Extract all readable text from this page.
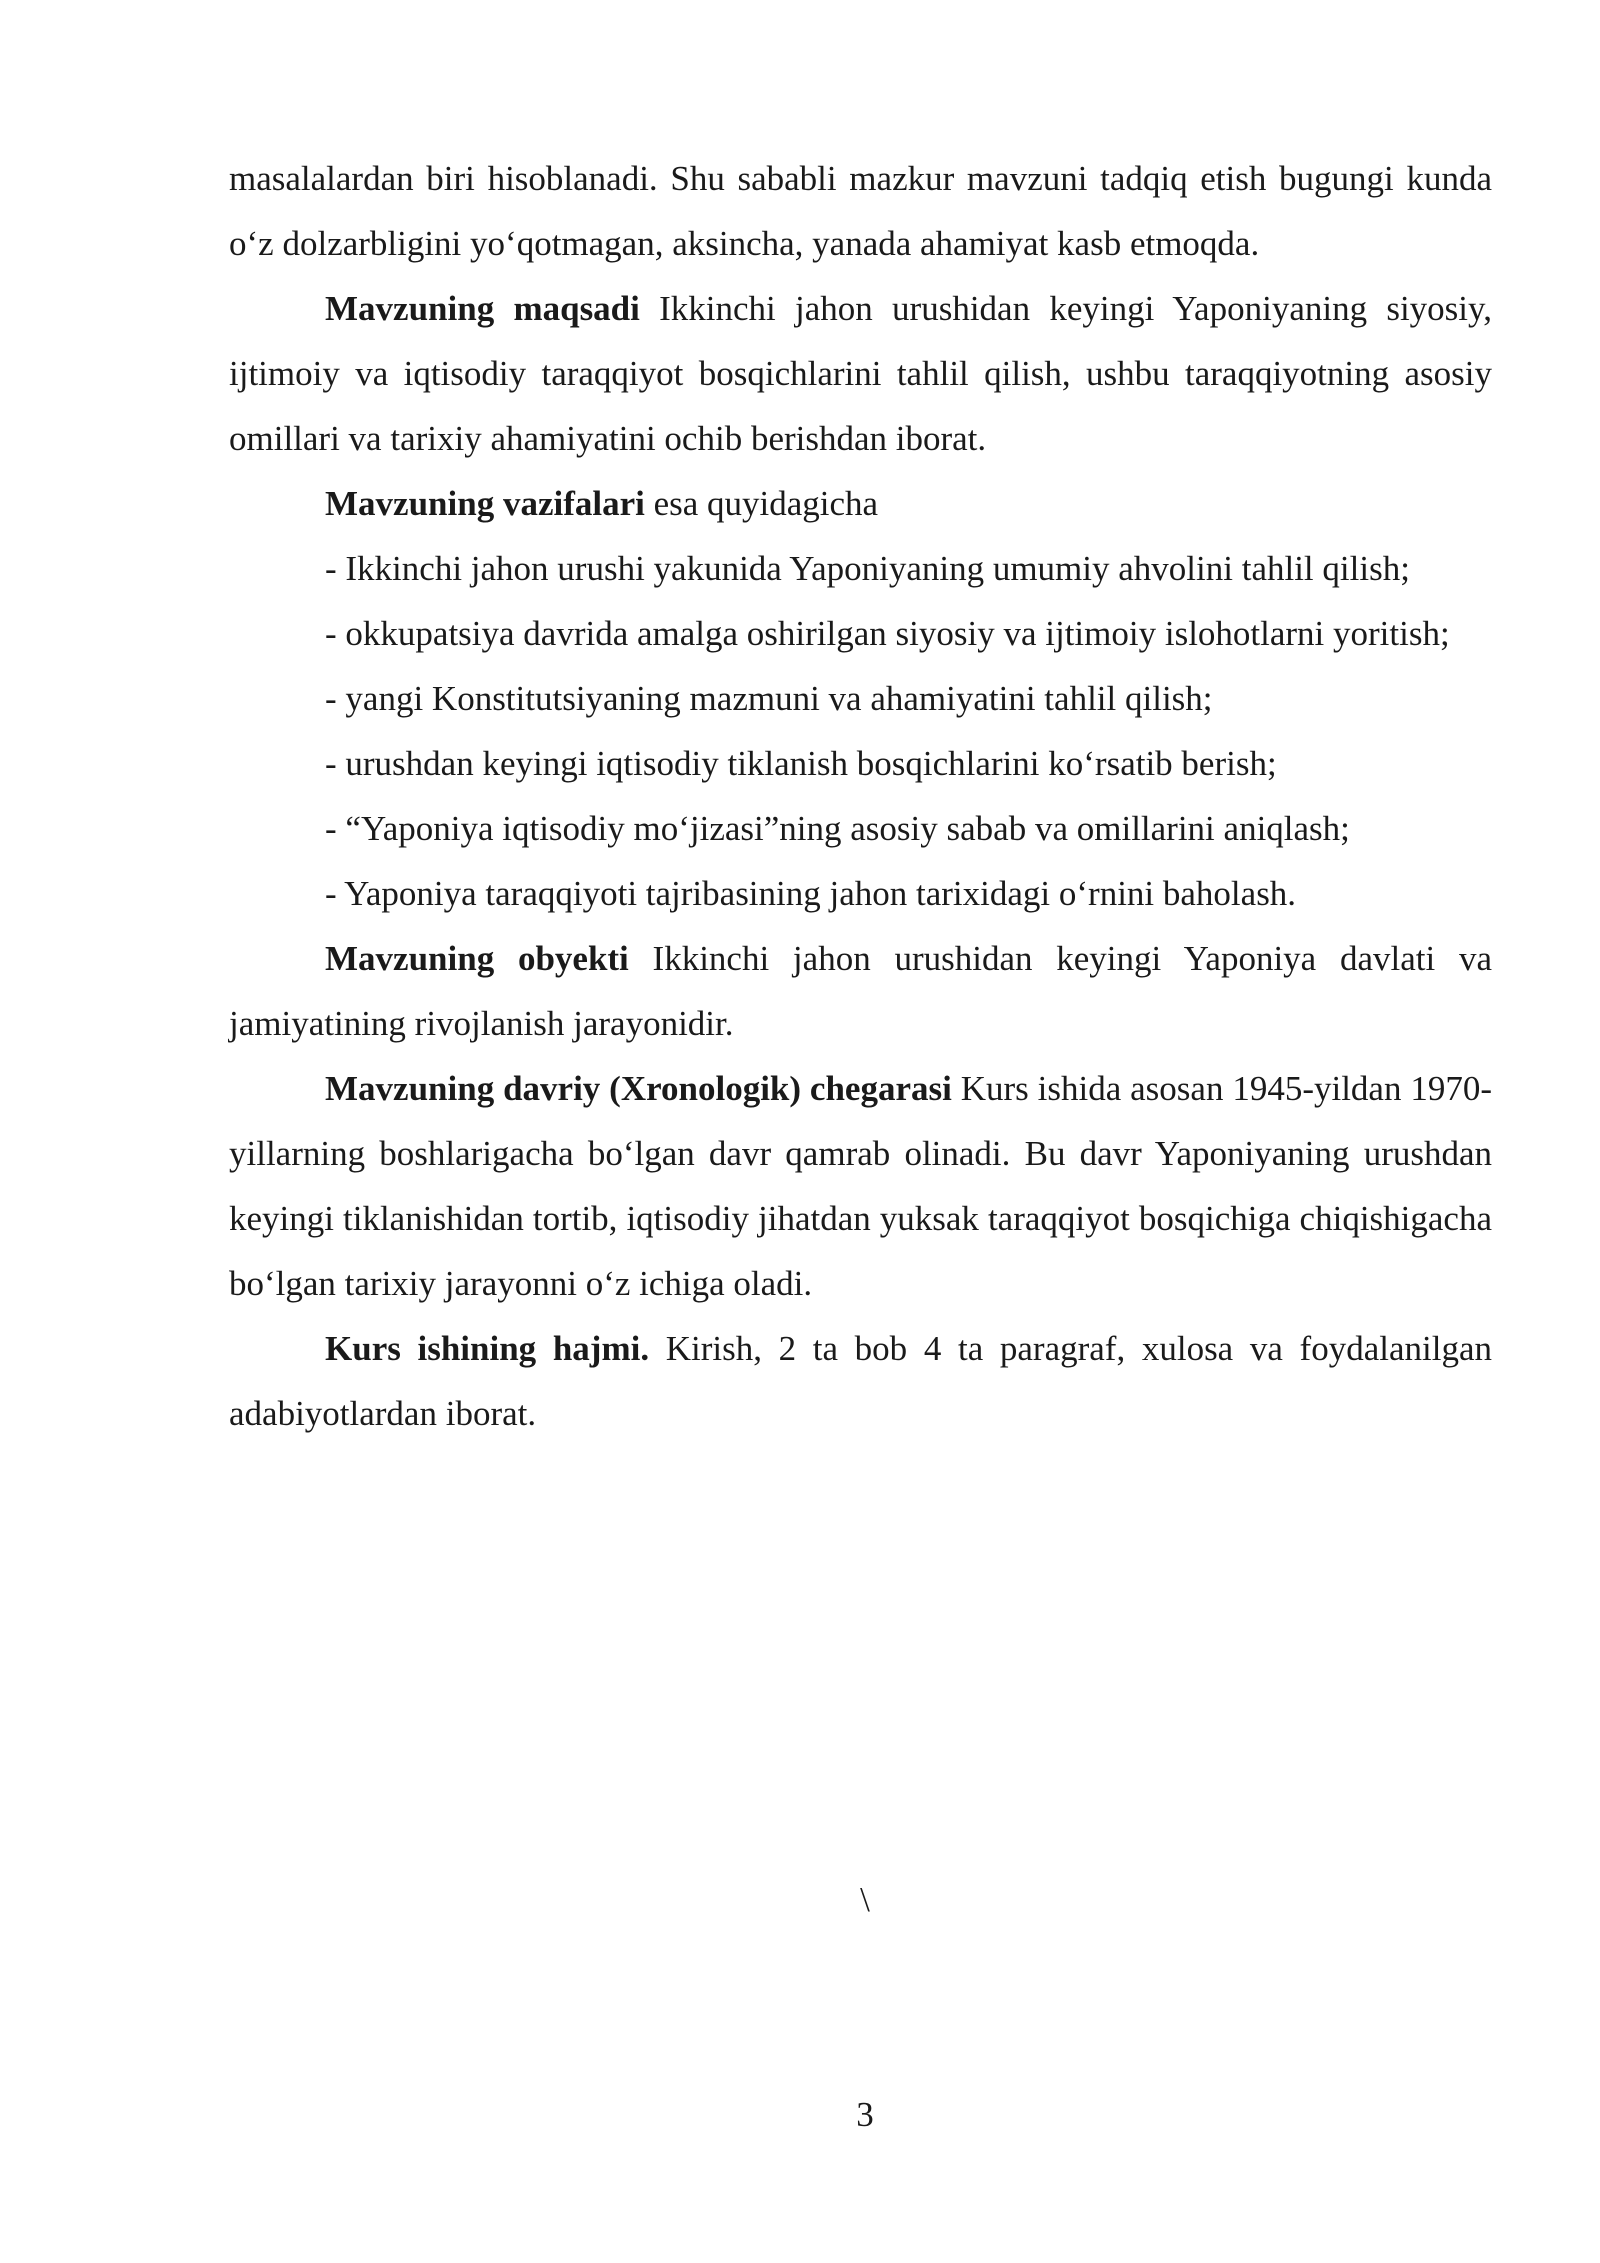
masalalardan biri hisoblanadi. Shu sababli mazkur mavzuni tadqiq etish bugungi kunda o‘z dolzarbligini yo‘qotmagan, aksincha, yanada ahamiyat kasb etmoqda.

Mavzuning maqsadi Ikkinchi jahon urushidan keyingi Yaponiyaning siyosiy, ijtimoiy va iqtisodiy taraqqiyot bosqichlarini tahlil qilish, ushbu taraqqiyotning asosiy omillari va tarixiy ahamiyatini ochib berishdan iborat.

Mavzuning vazifalari esa quyidagicha

- Ikkinchi jahon urushi yakunida Yaponiyaning umumiy ahvolini tahlil qilish;

- okkupatsiya davrida amalga oshirilgan siyosiy va ijtimoiy islohotlarni yoritish;

- yangi Konstitutsiyaning mazmuni va ahamiyatini tahlil qilish;

- urushdan keyingi iqtisodiy tiklanish bosqichlarini ko‘rsatib berish;

- “Yaponiya iqtisodiy mo‘jizasi”ning asosiy sabab va omillarini aniqlash;

- Yaponiya taraqqiyoti tajribasining jahon tarixidagi o‘rnini baholash.

Mavzuning obyekti Ikkinchi jahon urushidan keyingi Yaponiya davlati va jamiyatining rivojlanish jarayonidir.

Mavzuning davriy (Xronologik) chegarasi Kurs ishida asosan 1945-yildan 1970-yillarning boshlarigacha bo‘lgan davr qamrab olinadi. Bu davr Yaponiyaning urushdan keyingi tiklanishidan tortib, iqtisodiy jihatdan yuksak taraqqiyot bosqichiga chiqishigacha bo‘lgan tarixiy jarayonni o‘z ichiga oladi.

Kurs ishining hajmi. Kirish, 2 ta bob 4 ta paragraf, xulosa va foydalanilgan adabiyotlardan iborat.

\
3
